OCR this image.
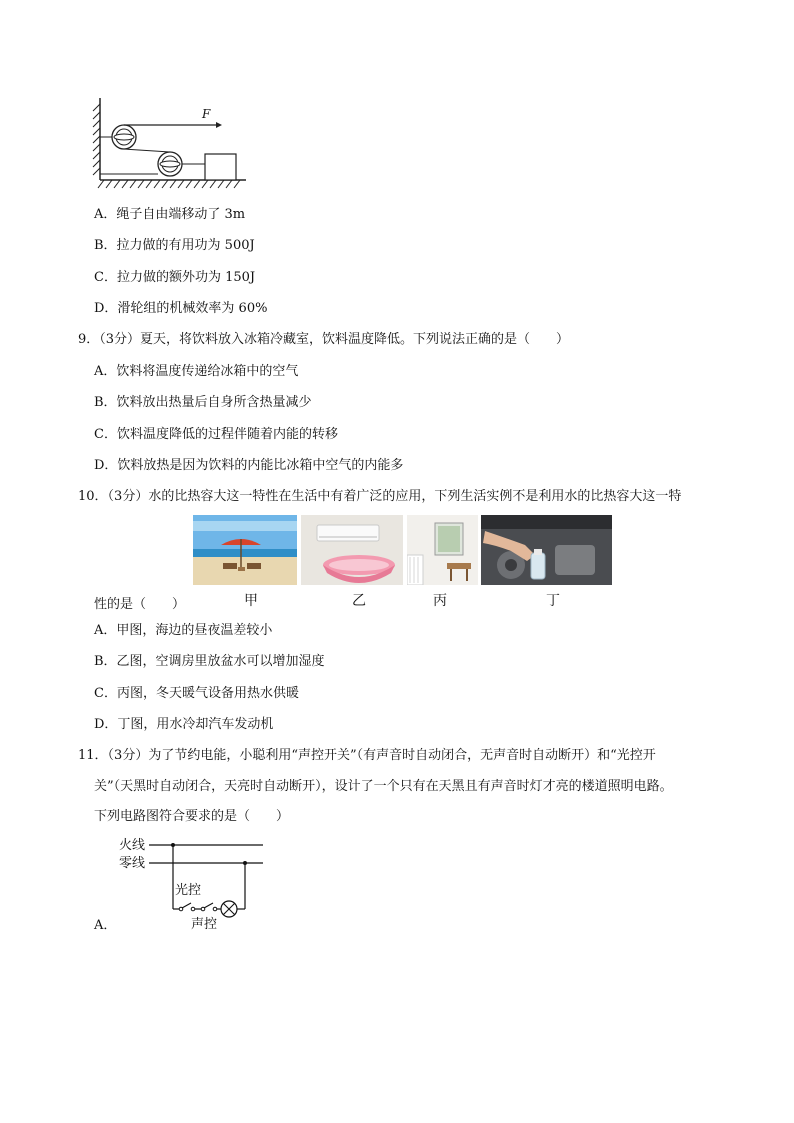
F
A．绳子自由端移动了 3m
B．拉力做的有用功为 500J
C．拉力做的额外功为 150J
D．滑轮组的机械效率为 60%
9．（3分）夏天，将饮料放入冰箱冷藏室，饮料温度降低。下列说法正确的是（　　）
A．饮料将温度传递给冰箱中的空气
B．饮料放出热量后自身所含热量减少
C．饮料温度降低的过程伴随着内能的转移
D．饮料放热是因为饮料的内能比冰箱中空气的内能多
10．（3分）水的比热容大这一特性在生活中有着广泛的应用，下列生活实例不是利用水的比热容大这一特
甲	乙	丙	丁
性的是（　　）
A．甲图，海边的昼夜温差较小
B．乙图，空调房里放盆水可以增加湿度
C．丙图，冬天暖气设备用热水供暖
D．丁图，用水冷却汽车发动机
11．（3分）为了节约电能，小聪利用“声控开关”（有声音时自动闭合，无声音时自动断开）和“光控开
关”（天黑时自动闭合，天亮时自动断开），设计了一个只有在天黑且有声音时灯才亮的楼道照明电路。
下列电路图符合要求的是（　　）
火线
零线
光控
声控
A．
